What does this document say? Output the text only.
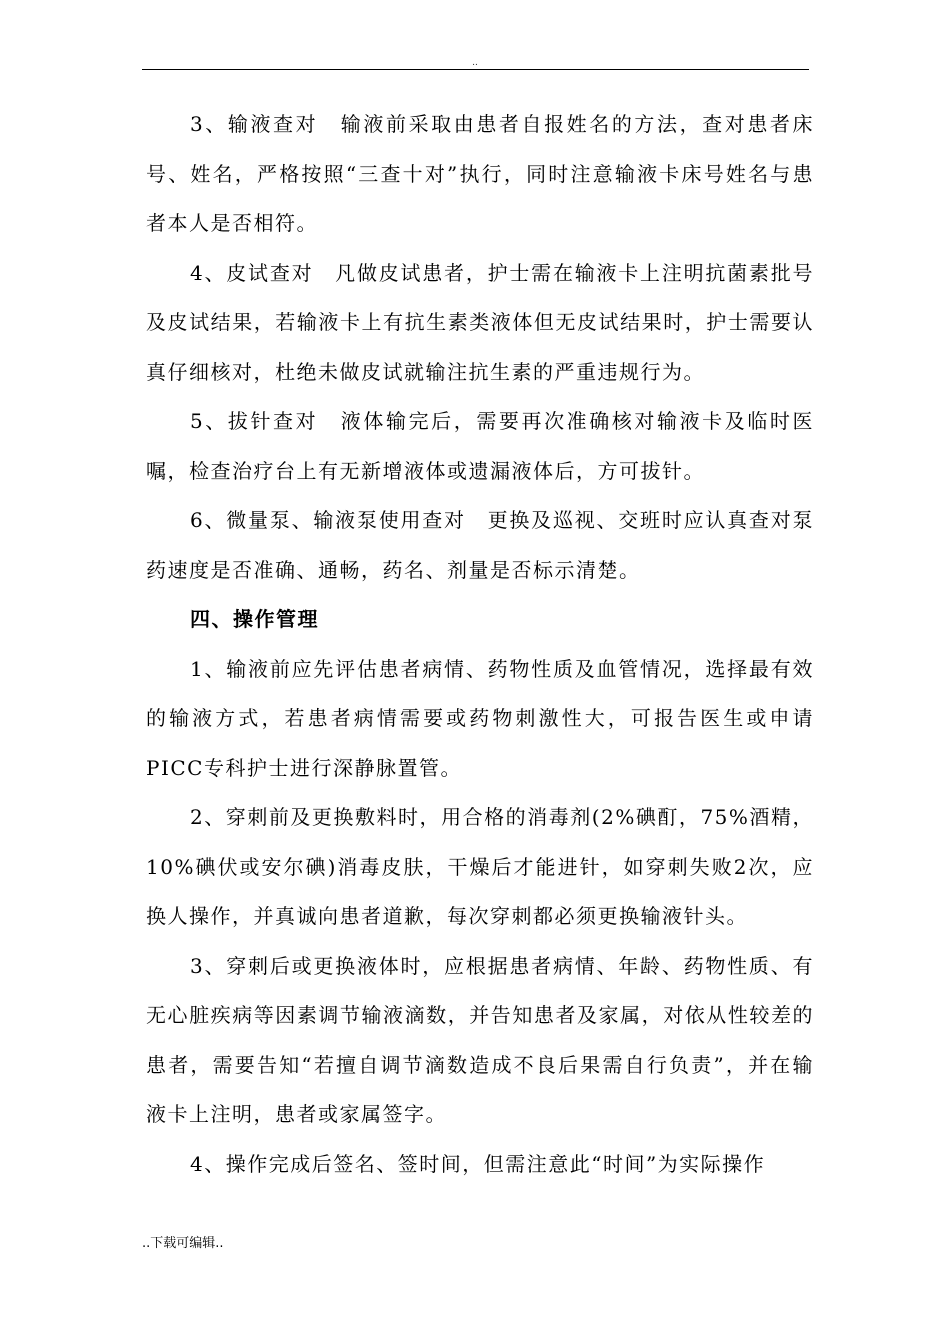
..

3、输液查对　输液前采取由患者自报姓名的方法，查对患者床号、姓名，严格按照“三查十对”执行，同时注意输液卡床号姓名与患者本人是否相符。

4、皮试查对　凡做皮试患者，护士需在输液卡上注明抗菌素批号及皮试结果，若输液卡上有抗生素类液体但无皮试结果时，护士需要认真仔细核对，杜绝未做皮试就输注抗生素的严重违规行为。

5、拔针查对　液体输完后，需要再次准确核对输液卡及临时医嘱，检查治疗台上有无新增液体或遗漏液体后，方可拔针。

6、微量泵、输液泵使用查对　更换及巡视、交班时应认真查对泵药速度是否准确、通畅，药名、剂量是否标示清楚。

四、操作管理

1、输液前应先评估患者病情、药物性质及血管情况，选择最有效的输液方式，若患者病情需要或药物刺激性大，可报告医生或申请PICC专科护士进行深静脉置管。

2、穿刺前及更换敷料时，用合格的消毒剂(2%碘酊，75%酒精，10%碘伏或安尔碘)消毒皮肤，干燥后才能进针，如穿刺失败2次，应换人操作，并真诚向患者道歉，每次穿刺都必须更换输液针头。

3、穿刺后或更换液体时，应根据患者病情、年龄、药物性质、有无心脏疾病等因素调节输液滴数，并告知患者及家属，对依从性较差的患者，需要告知“若擅自调节滴数造成不良后果需自行负责”，并在输液卡上注明，患者或家属签字。

4、操作完成后签名、签时间，但需注意此“时间”为实际操作

..下载可编辑..
